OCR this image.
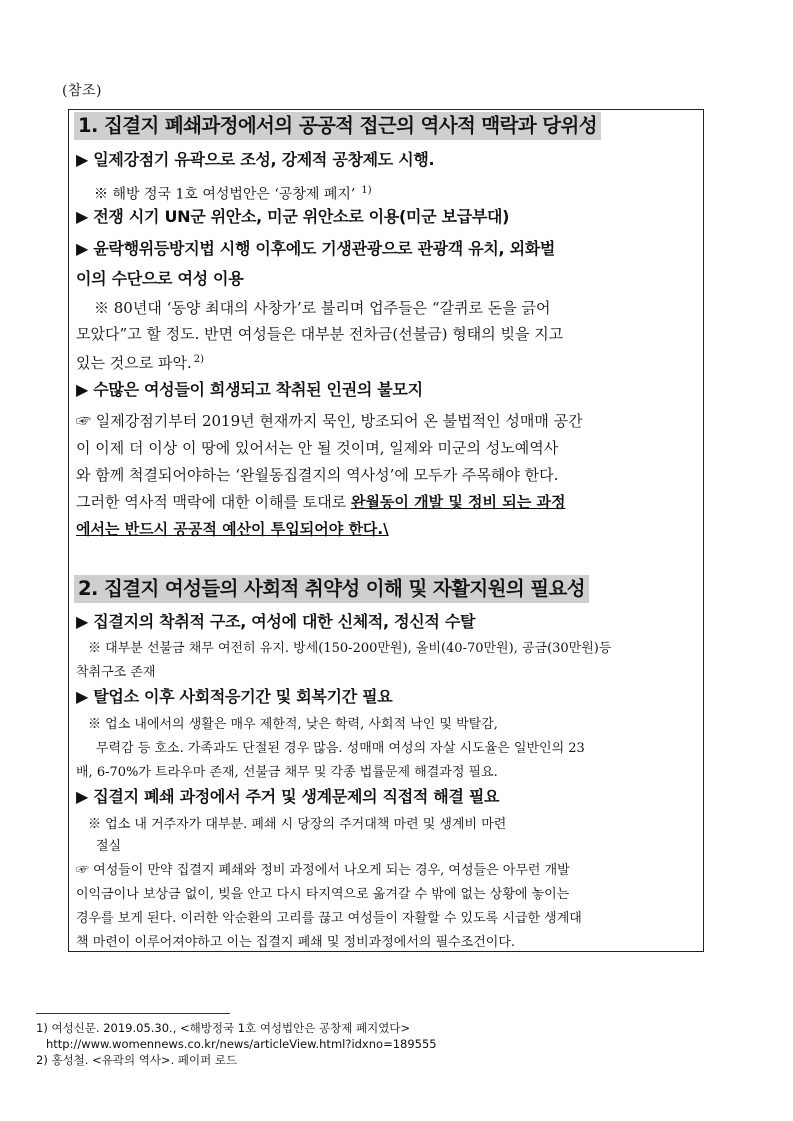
(참조)
1. 집결지 폐쇄과정에서의 공공적 접근의 역사적 맥락과 당위성
▶ 일제강점기 유곽으로 조성, 강제적 공창제도 시행.
※ 해방 정국 1호 여성법안은 ‘공창제 폐지’ $^{1)}$
▶ 전쟁 시기 UN군 위안소, 미군 위안소로 이용(미군 보급부대)
▶ 윤락행위등방지법 시행 이후에도 기생관광으로 관광객 유치, 외화벌
이의 수단으로 여성 이용
※ 80년대 ‘동양 최대의 사창가’로 불리며 업주들은 “갈퀴로 돈을 긁어
모았다”고 할 정도. 반면 여성들은 대부분 전차금(선불금) 형태의 빚을 지고
있는 것으로 파악. $^{2)}$
▶ 수많은 여성들이 희생되고 착취된 인권의 불모지
☞ 일제강점기부터 2019년 현재까지 묵인, 방조되어 온 불법적인 성매매 공간
이 이제 더 이상 이 땅에 있어서는 안 될 것이며, 일제와 미군의 성노예역사
와 함께 척결되어야하는 ‘완월동집결지의 역사성’에 모두가 주목해야 한다.
그러한 역사적 맥락에 대한 이해를 토대로 완월동이 개발 및 정비 되는 과정
에서는 반드시 공공적 예산이 투입되어야 한다.\
2. 집결지 여성들의 사회적 취약성 이해 및 자활지원의 필요성
▶ 집결지의 착취적 구조, 여성에 대한 신체적, 정신적 수탈
※ 대부분 선불금 채무 여전히 유지. 방세(150-200만원), 올비(40-70만원), 공금(30만원)등
착취구조 존재
▶ 탈업소 이후 사회적응기간 및 회복기간 필요
※ 업소 내에서의 생활은 매우 제한적, 낮은 학력, 사회적 낙인 및 박탈감,
무력감 등 호소. 가족과도 단절된 경우 많음. 성매매 여성의 자살 시도율은 일반인의 23
배, 6-70%가 트라우마 존재, 선불금 채무 및 각종 법률문제 해결과정 필요.
▶ 집결지 폐쇄 과정에서 주거 및 생계문제의 직접적 해결 필요
※ 업소 내 거주자가 대부분. 폐쇄 시 당장의 주거대책 마련 및 생계비 마련
절실
☞ 여성들이 만약 집결지 폐쇄와 정비 과정에서 나오게 되는 경우, 여성들은 아무런 개발
이익금이나 보상금 없이, 빚을 안고 다시 타지역으로 옮겨갈 수 밖에 없는 상황에 놓이는
경우를 보게 된다. 이러한 악순환의 고리를 끊고 여성들이 자활할 수 있도록 시급한 생계대
책 마련이 이루어져야하고 이는 집결지 폐쇄 및 정비과정에서의 필수조건이다.
1) 여성신문. 2019.05.30., <해방정국 1호 여성법안은 공창제 폐지였다>
http://www.womennews.co.kr/news/articleView.html?idxno=189555
2) 홍성철. <유곽의 역사>. 페이퍼 로드
